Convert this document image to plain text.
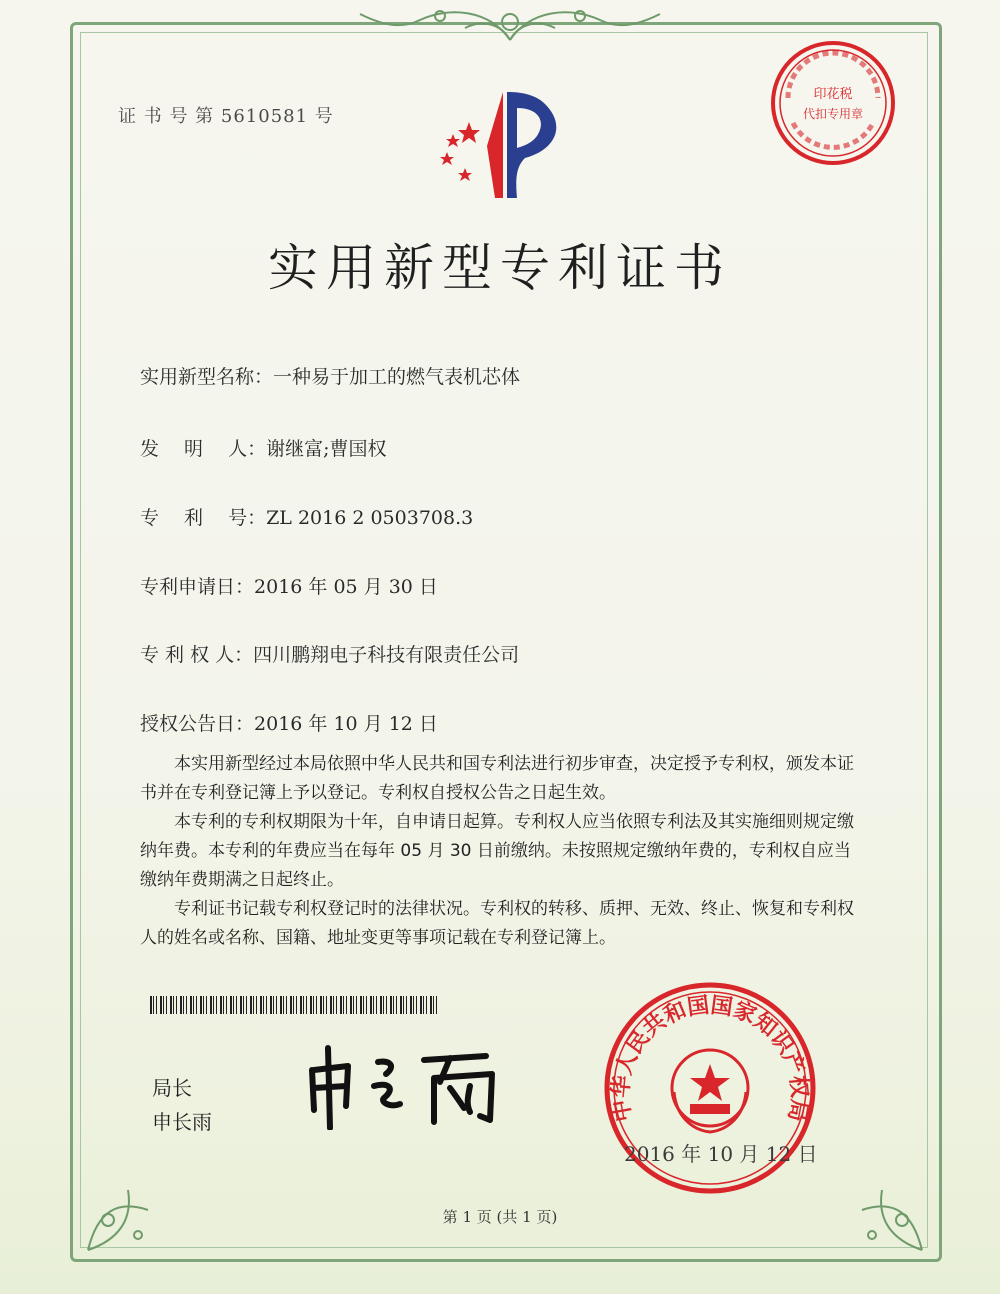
证 书 号 第 5610581 号
印花税
代扣专用章
实用新型专利证书
实用新型名称：一种易于加工的燃气表机芯体
发　 明　 人：谢继富;曹国权
专　 利　 号：ZL 2016 2 0503708.3
专利申请日：2016 年 05 月 30 日
专 利 权 人：四川鹏翔电子科技有限责任公司
授权公告日：2016 年 10 月 12 日

本实用新型经过本局依照中华人民共和国专利法进行初步审查，决定授予专利权，颁发本证书并在专利登记簿上予以登记。专利权自授权公告之日起生效。

本专利的专利权期限为十年，自申请日起算。专利权人应当依照专利法及其实施细则规定缴纳年费。本专利的年费应当在每年 05 月 30 日前缴纳。未按照规定缴纳年费的，专利权自应当缴纳年费期满之日起终止。

专利证书记载专利权登记时的法律状况。专利权的转移、质押、无效、终止、恢复和专利权人的姓名或名称、国籍、地址变更等事项记载在专利登记簿上。

局长
申长雨	中华人民共和国国家知识产权局
2016 年 10 月 12 日
第 1 页 (共 1 页)
